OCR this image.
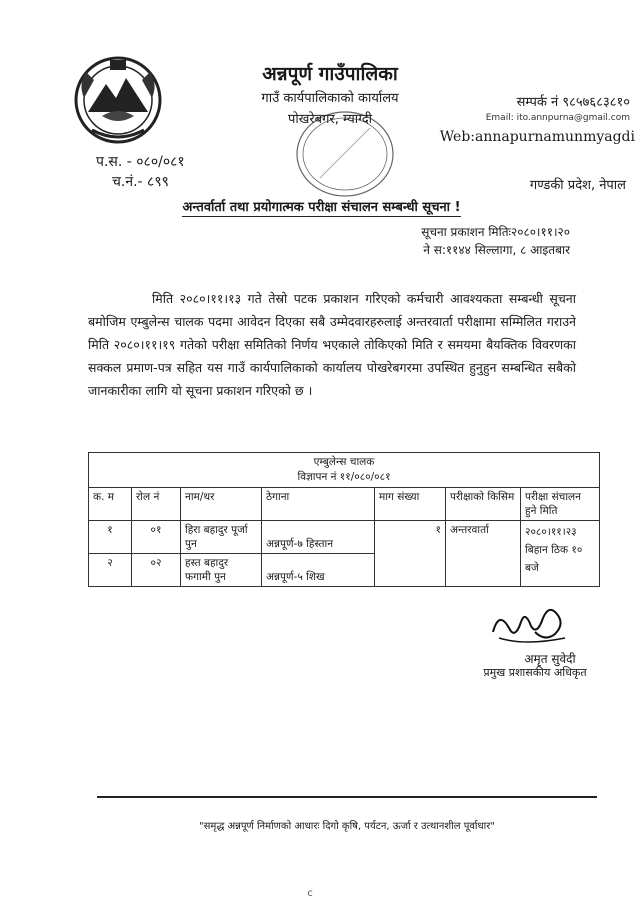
अन्नपूर्ण गाउँपालिका
गाउँ कार्यपालिकाको कार्यालय
पोखरेबगर, म्याग्दी
सम्पर्क नं ९८५७६८३८१०
Email: ito.annpurna@gmail.com
Web:annapurnamunmyagdi
प.स. - ०८०/०८१
च.नं.- ८९९	गण्डकी प्रदेश, नेपाल
अन्तर्वार्ता तथा प्रयोगात्मक परीक्षा संचालन सम्बन्धी सूचना !
सूचना प्रकाशन मितिः२०८०।११।२०
ने स:११४४ सिल्लागा, ८ आइतबार

मिति २०८०।११।१३ गते तेस्रो पटक प्रकाशन गरिएको कर्मचारी आवश्यकता सम्बन्धी सूचना बमोजिम एम्बुलेन्स चालक पदमा आवेदन दिएका सबै उम्मेदवारहरुलाई अन्तरवार्ता परीक्षामा सम्मिलित गराउने मिति २०८०।११।१९ गतेको परीक्षा समितिको निर्णय भएकाले तोकिएको मिति र समयमा बैयक्तिक विवरणका सक्कल प्रमाण-पत्र सहित यस गाउँ कार्यपालिकाको कार्यालय पोखरेबगरमा उपस्थित हुनुहुन सम्बन्धित सबैको जानकारीका लागि यो सूचना प्रकाशन गरिएको छ ।

एम्बुलेन्स चालक
विज्ञापन नं ११/०८०/०८१						

क. म	रोल नं	नाम/थर	ठेगाना	माग संख्या	परीक्षाको किसिम	परीक्षा संचालन हुने मिति
१	०१	हिरा बहादुर पूर्जा पुन	अन्नपूर्ण-७ हिस्तान	१	अन्तरवार्ता	२०८०।११।२३ बिहान ठिक १० बजे
२	०२	हस्त बहादुर फगामी पुन	अन्नपूर्ण-५ शिख			
अमृत सुवेदी
प्रमुख प्रशासकीय अधिकृत
"समृद्ध अन्नपूर्ण निर्माणको आधारः दिगो कृषि, पर्यटन, ऊर्जा र उत्थानशील पूर्वाधार"
c
